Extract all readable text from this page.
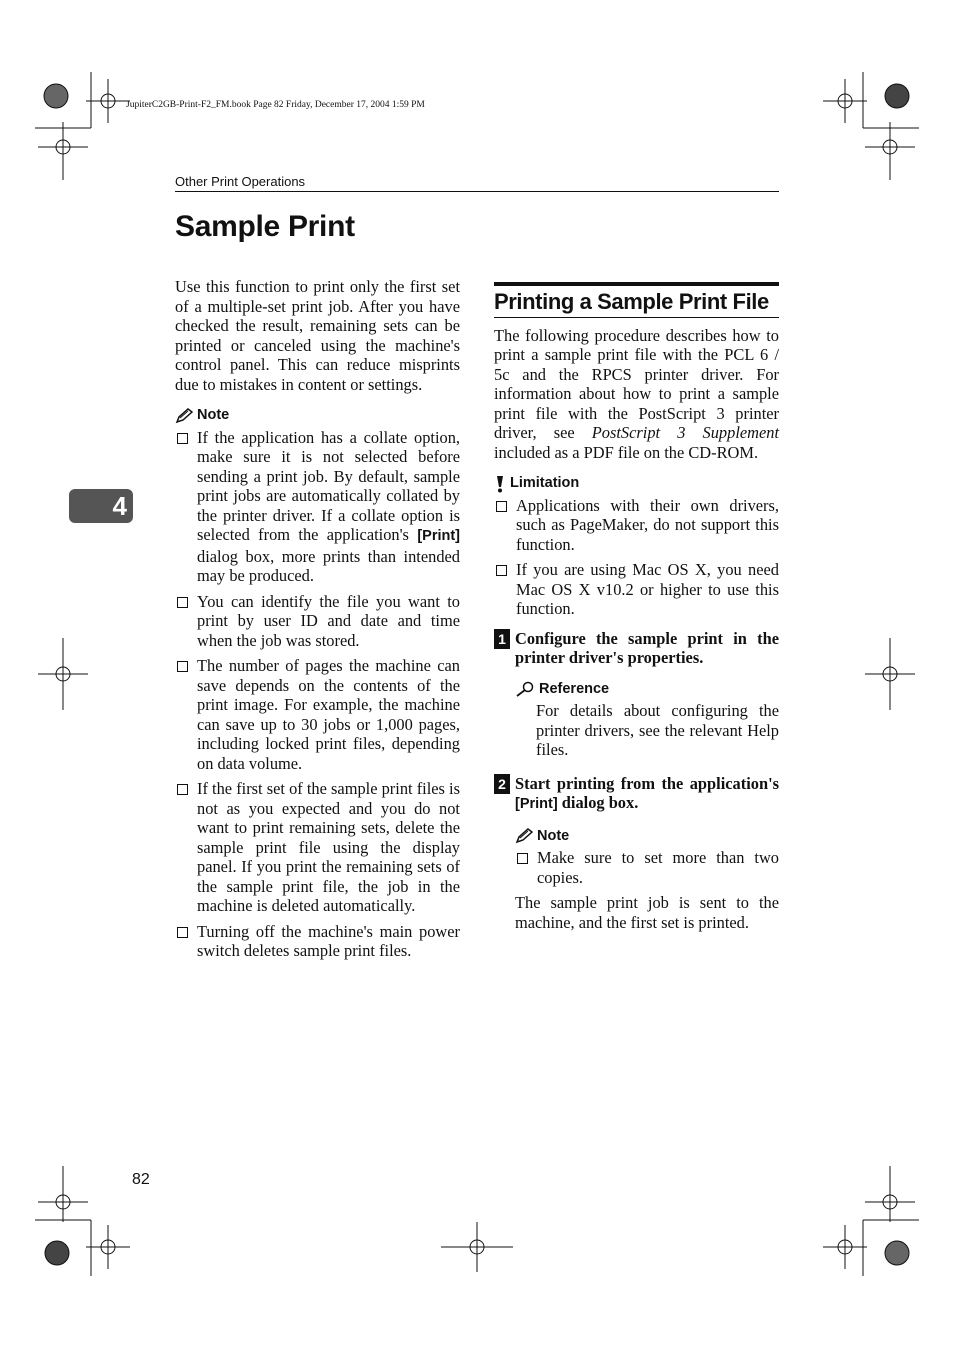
JupiterC2GB-Print-F2_FM.book Page 82 Friday, December 17, 2004 1:59 PM
Other Print Operations
Sample Print
4

Use this function to print only the first set of a multiple-set print job. After you have checked the result, remaining sets can be printed or canceled using the machine's control panel. This can reduce misprints due to mistakes in content or settings.

Note
If the application has a collate option, make sure it is not selected before sending a print job. By default, sample print jobs are automatically collated by the printer driver. If a collate option is selected from the application's [Print] dialog box, more prints than intended may be produced.
You can identify the file you want to print by user ID and date and time when the job was stored.
The number of pages the machine can save depends on the contents of the print image. For example, the machine can save up to 30 jobs or 1,000 pages, including locked print files, depending on data volume.
If the first set of the sample print files is not as you expected and you do not want to print remaining sets, delete the sample print file using the display panel. If you print the remaining sets of the sample print file, the job in the machine is deleted automatically.
Turning off the machine's main power switch deletes sample print files.
Printing a Sample Print File

The following procedure describes how to print a sample print file with the PCL 6 / 5c and the RPCS printer driver. For information about how to print a sample print file with the PostScript 3 printer driver, see PostScript 3 Supplement included as a PDF file on the CD-ROM.

Limitation
Applications with their own drivers, such as PageMaker, do not support this function.
If you are using Mac OS X, you need Mac OS X v10.2 or higher to use this function.
1 Configure the sample print in the printer driver's properties.
Reference

For details about configuring the printer drivers, see the relevant Help files.

2 Start printing from the application's [Print] dialog box.
Note
Make sure to set more than two copies.

The sample print job is sent to the machine, and the first set is printed.

82
